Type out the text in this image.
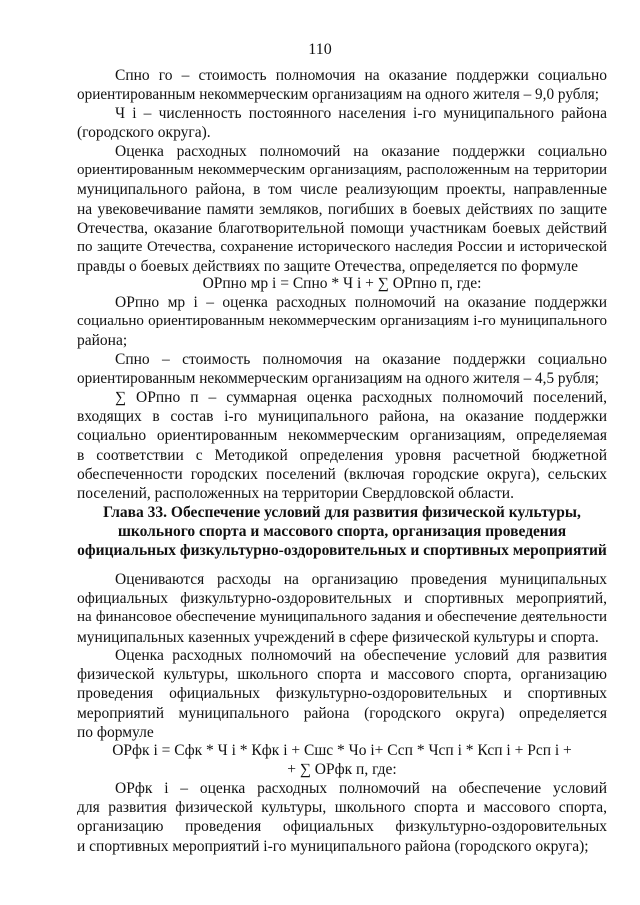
110
Спно го – стоимость полномочия на оказание поддержки социально
ориентированным некоммерческим организациям на одного жителя – 9,0 рубля;
Ч i – численность постоянного населения i-го муниципального района
(городского округа).
Оценка расходных полномочий на оказание поддержки социально
ориентированным некоммерческим организациям, расположенным на территории
муниципального района, в том числе реализующим проекты, направленные
на увековечивание памяти земляков, погибших в боевых действиях по защите
Отечества, оказание благотворительной помощи участникам боевых действий
по защите Отечества, сохранение исторического наследия России и исторической
правды о боевых действиях по защите Отечества, определяется по формуле
ОРпно мр i = Спно * Ч i + ∑ ОРпно п, где:
ОРпно мр i – оценка расходных полномочий на оказание поддержки
социально ориентированным некоммерческим организациям i-го муниципального
района;
Спно – стоимость полномочия на оказание поддержки социально
ориентированным некоммерческим организациям на одного жителя – 4,5 рубля;
∑ ОРпно п – суммарная оценка расходных полномочий поселений,
входящих в состав i-го муниципального района, на оказание поддержки
социально ориентированным некоммерческим организациям, определяемая
в соответствии с Методикой определения уровня расчетной бюджетной
обеспеченности городских поселений (включая городские округа), сельских
поселений, расположенных на территории Свердловской области.
Глава 33. Обеспечение условий для развития физической культуры,
школьного спорта и массового спорта, организация проведения
официальных физкультурно-оздоровительных и спортивных мероприятий
Оцениваются расходы на организацию проведения муниципальных
официальных физкультурно-оздоровительных и спортивных мероприятий,
на финансовое обеспечение муниципального задания и обеспечение деятельности
муниципальных казенных учреждений в сфере физической культуры и спорта.
Оценка расходных полномочий на обеспечение условий для развития
физической культуры, школьного спорта и массового спорта, организацию
проведения официальных физкультурно-оздоровительных и спортивных
мероприятий муниципального района (городского округа) определяется
по формуле
ОРфк i = Сфк * Ч i * Кфк i + Сшс * Чо i+ Ссп * Чсп i * Ксп i + Рсп i +
+ ∑ ОРфк п, где:
ОРфк i – оценка расходных полномочий на обеспечение условий
для развития физической культуры, школьного спорта и массового спорта,
организацию проведения официальных физкультурно-оздоровительных
и спортивных мероприятий i-го муниципального района (городского округа);
